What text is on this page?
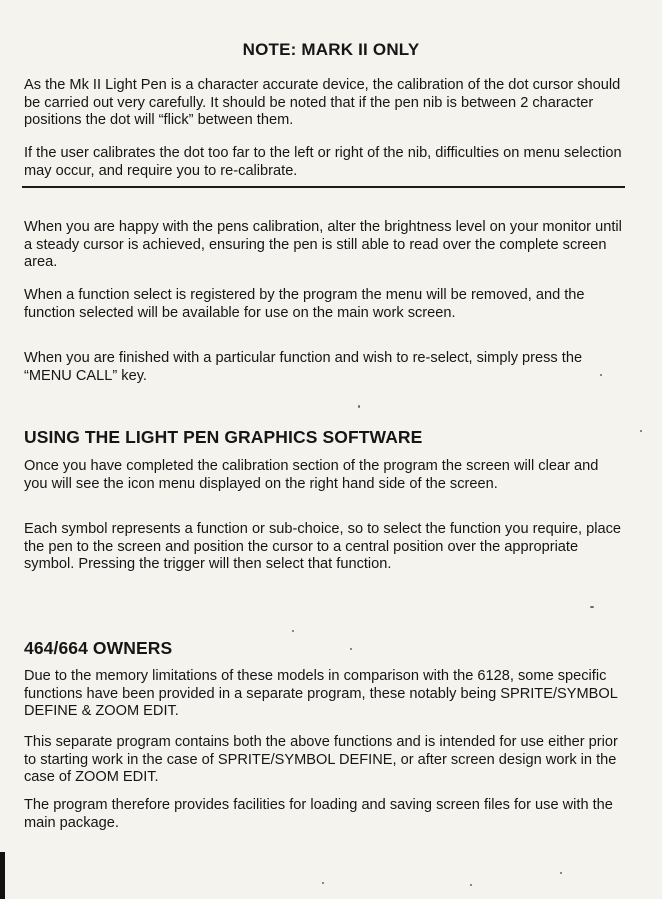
NOTE: MARK II ONLY

As the Mk II Light Pen is a character accurate device, the calibration of the dot cursor should be carried out very carefully. It should be noted that if the pen nib is between 2 character positions the dot will “flick” between them.

If the user calibrates the dot too far to the left or right of the nib, difficulties on menu selection may occur, and require you to re-calibrate.

When you are happy with the pens calibration, alter the brightness level on your monitor until a steady cursor is achieved, ensuring the pen is still able to read over the complete screen area.

When a function select is registered by the program the menu will be removed, and the function selected will be available for use on the main work screen.

When you are finished with a particular function and wish to re-select, simply press the “MENU CALL” key.

USING THE LIGHT PEN GRAPHICS SOFTWARE

Once you have completed the calibration section of the program the screen will clear and you will see the icon menu displayed on the right hand side of the screen.

Each symbol represents a function or sub-choice, so to select the function you require, place the pen to the screen and position the cursor to a central position over the appropriate symbol. Pressing the trigger will then select that function.

464/664 OWNERS

Due to the memory limitations of these models in comparison with the 6128, some specific functions have been provided in a separate program, these notably being SPRITE/SYMBOL DEFINE & ZOOM EDIT.

This separate program contains both the above functions and is intended for use either prior to starting work in the case of SPRITE/SYMBOL DEFINE, or after screen design work in the case of ZOOM EDIT.

The program therefore provides facilities for loading and saving screen files for use with the main package.
